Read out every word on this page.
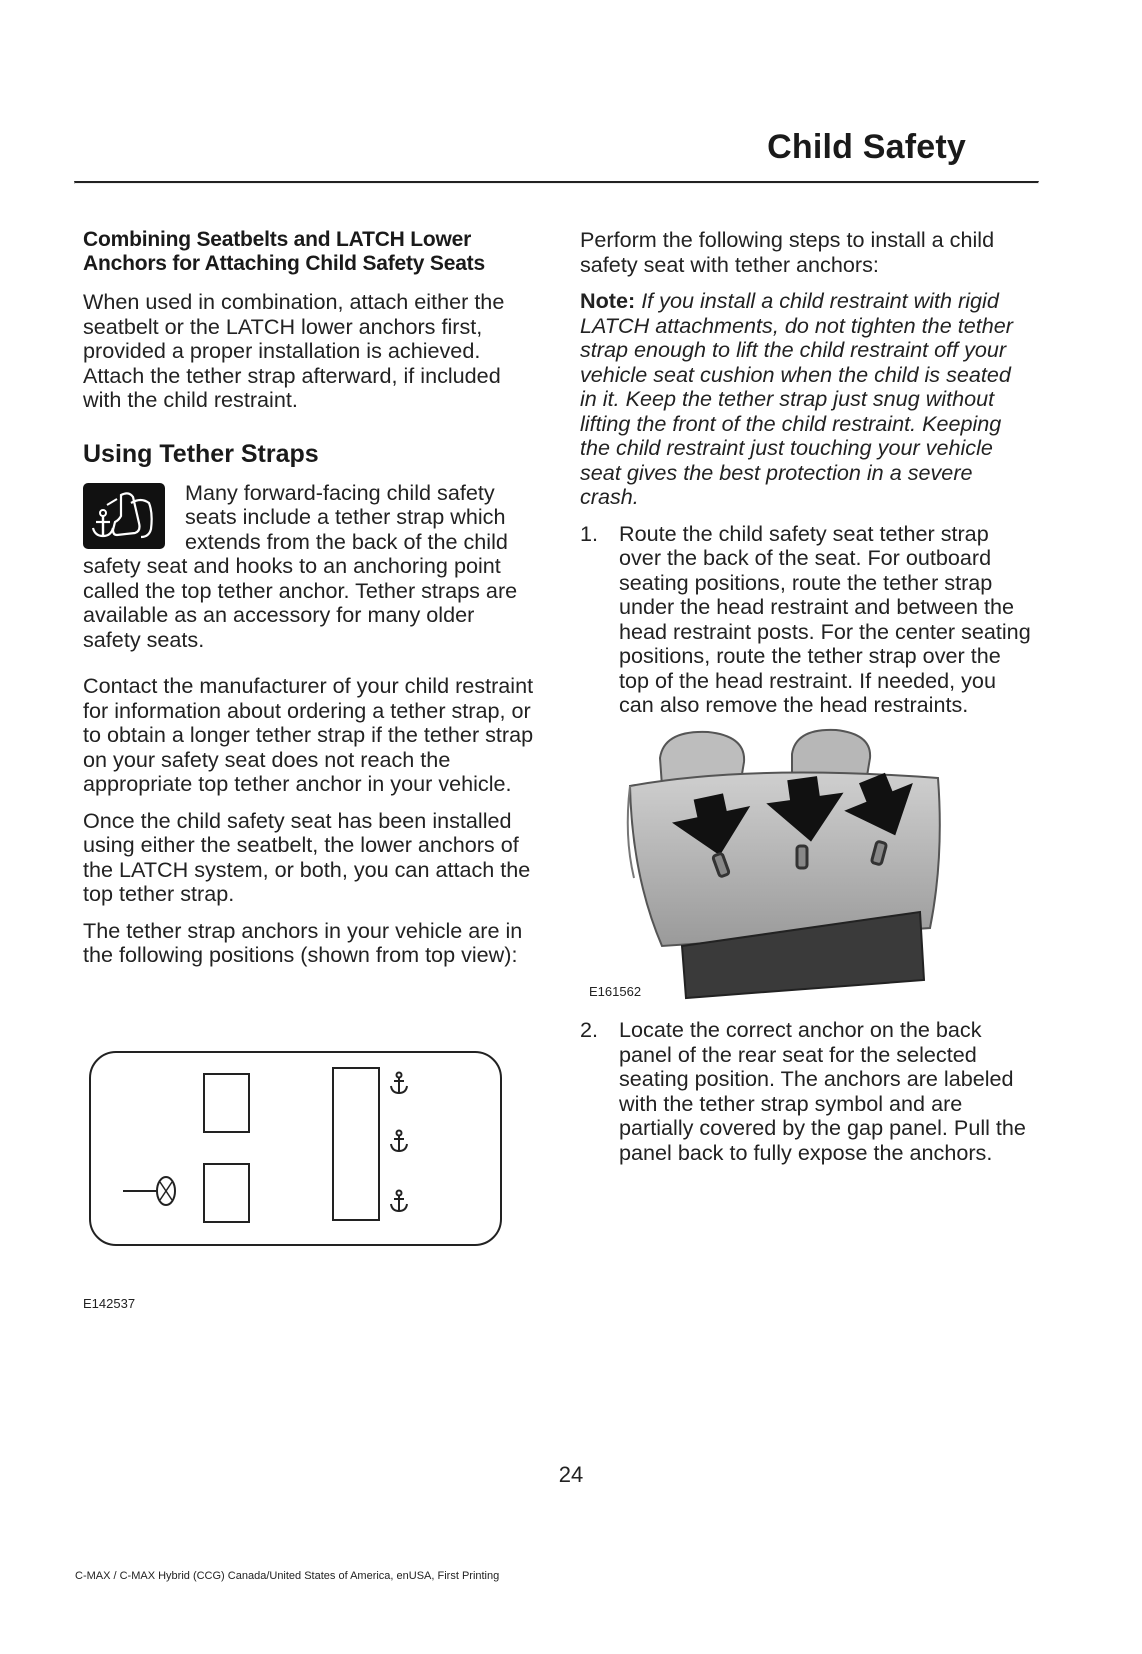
Child Safety
Combining Seatbelts and LATCH Lower Anchors for Attaching Child Safety Seats

When used in combination, attach either the seatbelt or the LATCH lower anchors first, provided a proper installation is achieved. Attach the tether strap afterward, if included with the child restraint.

Using Tether Straps

Many forward-facing child safety seats include a tether strap which extends from the back of the child safety seat and hooks to an anchoring point called the top tether anchor. Tether straps are available as an accessory for many older safety seats.

Contact the manufacturer of your child restraint for information about ordering a tether strap, or to obtain a longer tether strap if the tether strap on your safety seat does not reach the appropriate top tether anchor in your vehicle.

Once the child safety seat has been installed using either the seatbelt, the lower anchors of the LATCH system, or both, you can attach the top tether strap.

The tether strap anchors in your vehicle are in the following positions (shown from top view):

E142537

Perform the following steps to install a child safety seat with tether anchors:

Note: If you install a child restraint with rigid LATCH attachments, do not tighten the tether strap enough to lift the child restraint off your vehicle seat cushion when the child is seated in it. Keep the tether strap just snug without lifting the front of the child restraint. Keeping the child restraint just touching your vehicle seat gives the best protection in a severe crash.

1. Route the child safety seat tether strap over the back of the seat. For outboard seating positions, route the tether strap under the head restraint and between the head restraint posts. For the center seating positions, route the tether strap over the top of the head restraint. If needed, you can also remove the head restraints.
E161562
2. Locate the correct anchor on the back panel of the rear seat for the selected seating position. The anchors are labeled with the tether strap symbol and are partially covered by the gap panel. Pull the panel back to fully expose the anchors.
24
C-MAX / C-MAX Hybrid (CCG) Canada/United States of America, enUSA, First Printing
